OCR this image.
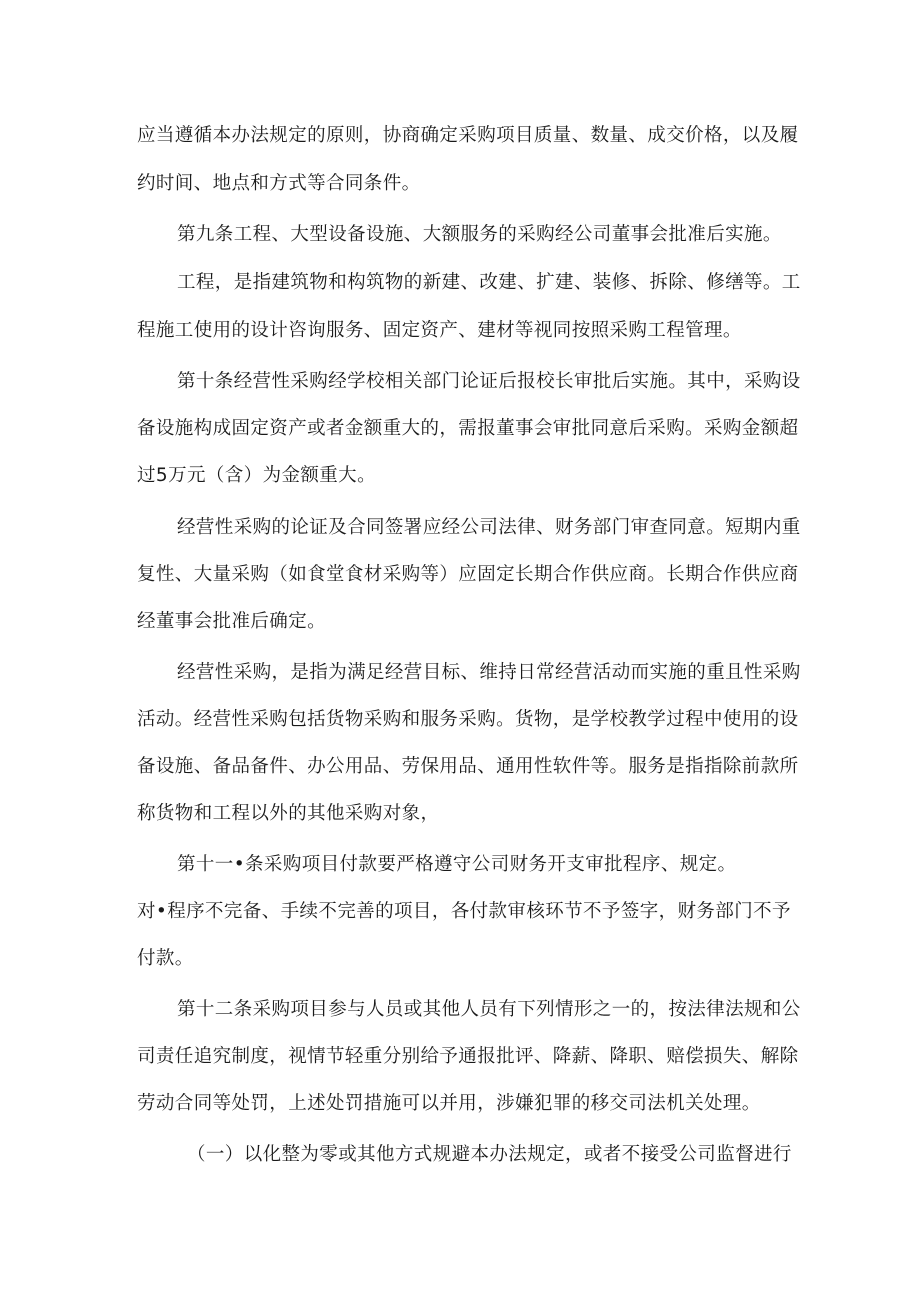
应当遵循本办法规定的原则，协商确定采购项目质量、数量、成交价格，以及履
约时间、地点和方式等合同条件。
第九条工程、大型设备设施、大额服务的采购经公司董事会批准后实施。
工程，是指建筑物和构筑物的新建、改建、扩建、装修、拆除、修缮等。工
程施工使用的设计咨询服务、固定资产、建材等视同按照采购工程管理。
第十条经营性采购经学校相关部门论证后报校长审批后实施。其中，采购设
备设施构成固定资产或者金额重大的，需报董事会审批同意后采购。采购金额超
过5万元（含）为金额重大。
经营性采购的论证及合同签署应经公司法律、财务部门审查同意。短期内重
复性、大量采购（如食堂食材采购等）应固定长期合作供应商。长期合作供应商
经董事会批准后确定。
经营性采购，是指为满足经营目标、维持日常经营活动而实施的重且性采购
活动。经营性采购包括货物采购和服务采购。货物，是学校教学过程中使用的设
备设施、备品备件、办公用品、劳保用品、通用性软件等。服务是指指除前款所
称货物和工程以外的其他采购对象，
第十一•条采购项目付款要严格遵守公司财务开支审批程序、规定。
对•程序不完备、手续不完善的项目，各付款审核环节不予签字，财务部门不予
付款。
第十二条采购项目参与人员或其他人员有下列情形之一的，按法律法规和公
司责任追究制度，视情节轻重分别给予通报批评、降薪、降职、赔偿损失、解除
劳动合同等处罚，上述处罚措施可以并用，涉嫌犯罪的移交司法机关处理。
（一）以化整为零或其他方式规避本办法规定，或者不接受公司监督进行
